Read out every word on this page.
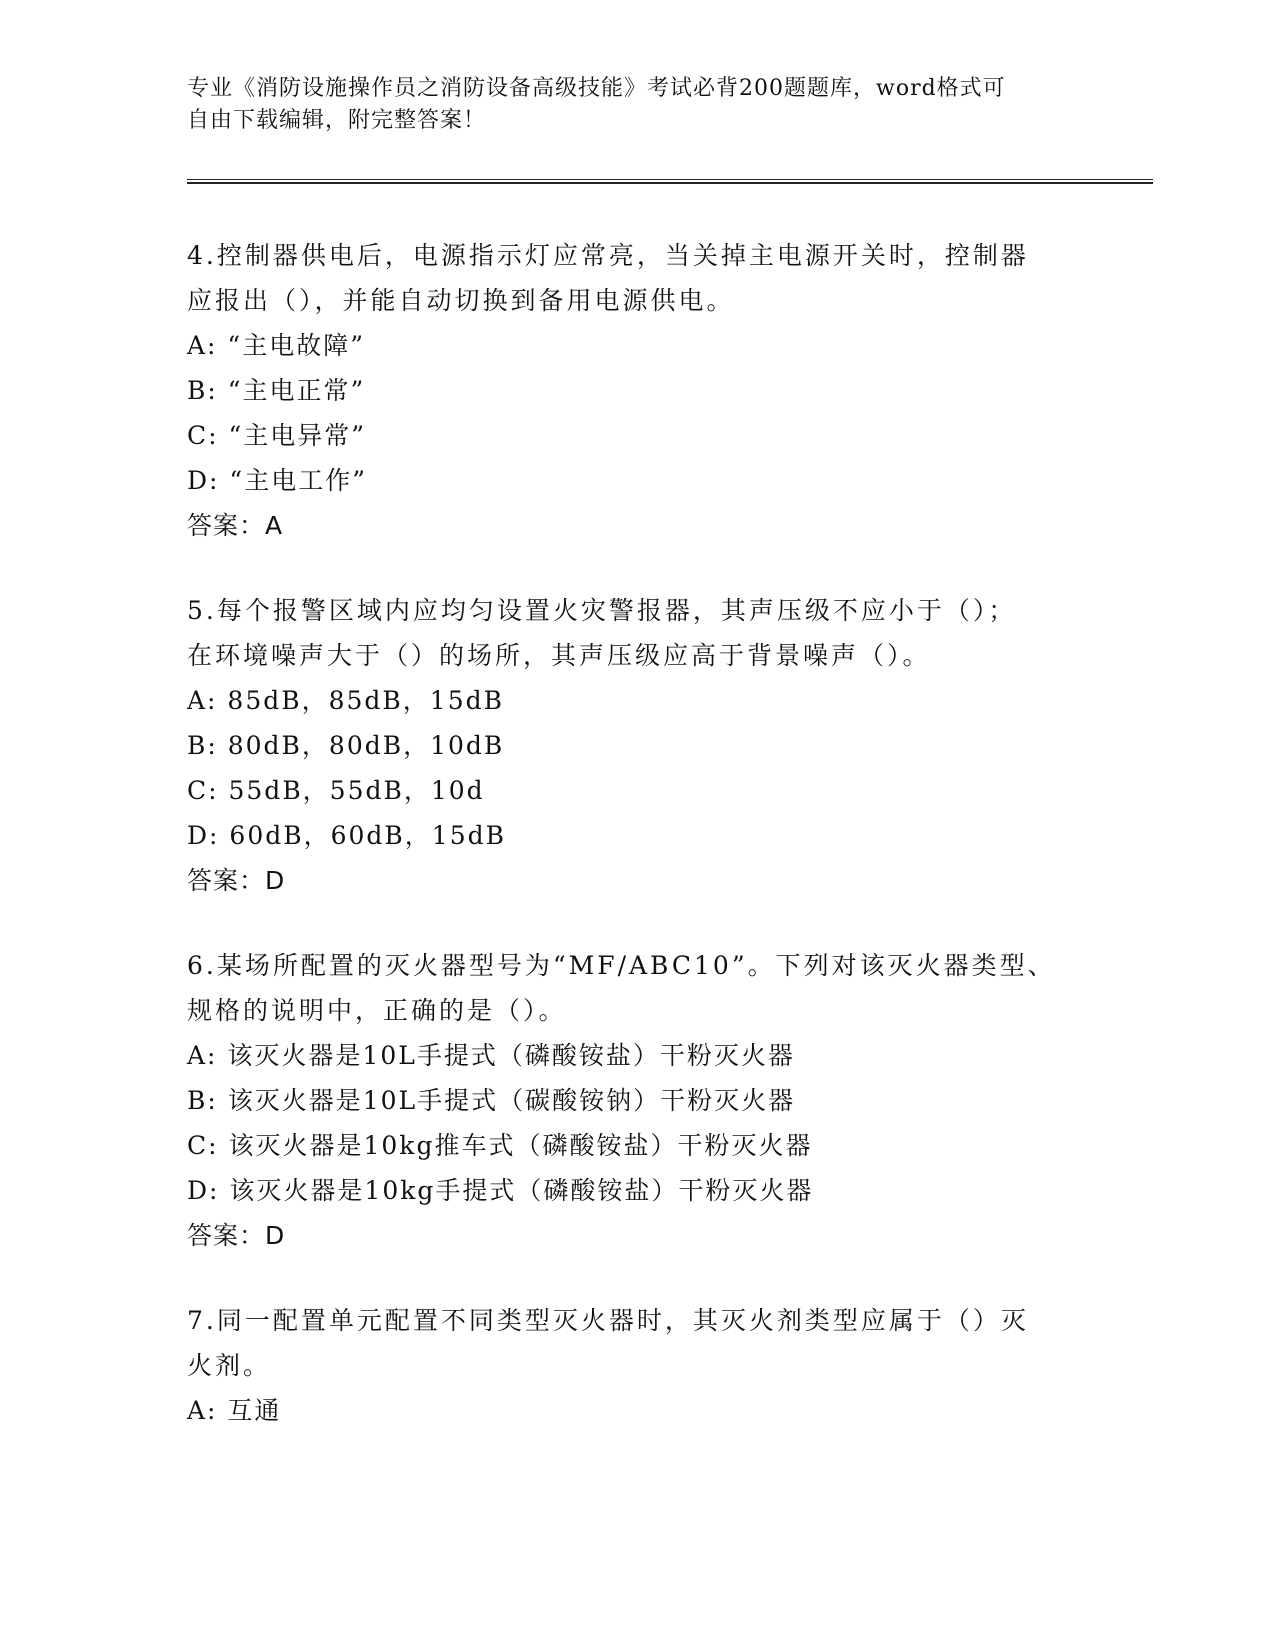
专业《消防设施操作员之消防设备高级技能》考试必背200题题库，word格式可
自由下载编辑，附完整答案！

4.控制器供电后，电源指示灯应常亮，当关掉主电源开关时，控制器

应报出（），并能自动切换到备用电源供电。

A: “主电故障”

B: “主电正常”

C: “主电异常”

D: “主电工作”

答案：A

5.每个报警区域内应均匀设置火灾警报器，其声压级不应小于（）；

在环境噪声大于（）的场所，其声压级应高于背景噪声（）。

A: 85dB，85dB，15dB

B: 80dB，80dB，10dB

C: 55dB，55dB，10d

D: 60dB，60dB，15dB

答案：D

6.某场所配置的灭火器型号为“MF/ABC10”。下列对该灭火器类型、

规格的说明中，正确的是（）。

A: 该灭火器是10L手提式（磷酸铵盐）干粉灭火器

B: 该灭火器是10L手提式（碳酸铵钠）干粉灭火器

C: 该灭火器是10kg推车式（磷酸铵盐）干粉灭火器

D: 该灭火器是10kg手提式（磷酸铵盐）干粉灭火器

答案：D

7.同一配置单元配置不同类型灭火器时，其灭火剂类型应属于（）灭

火剂。

A: 互通
